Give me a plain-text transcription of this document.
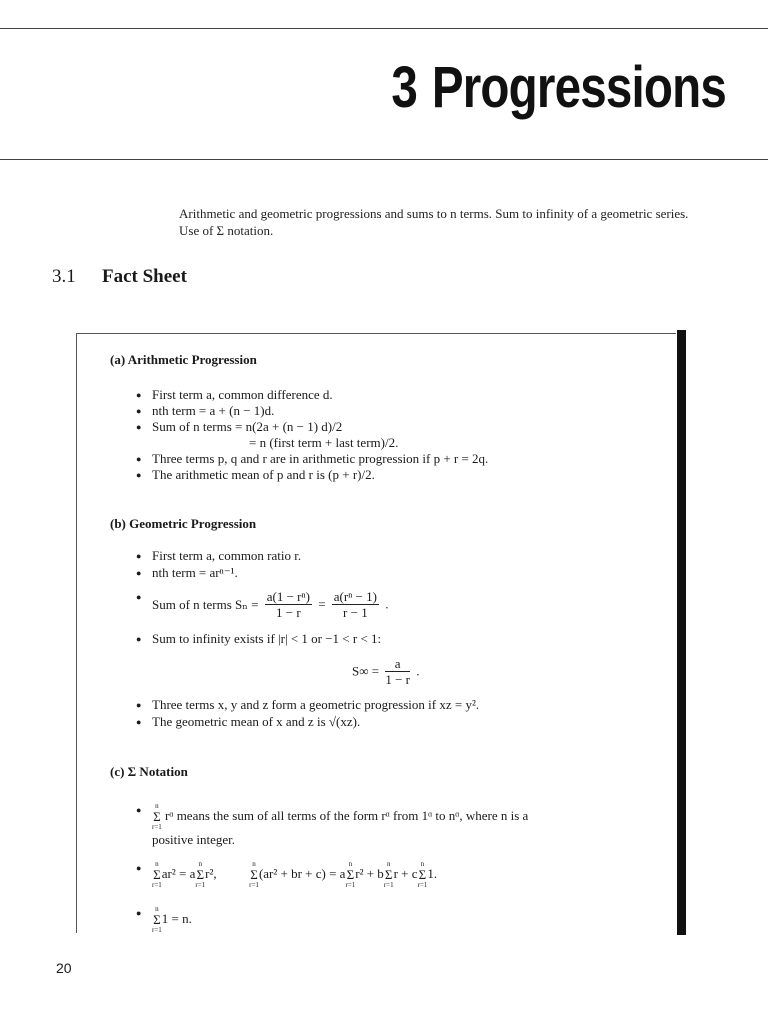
3 Progressions

Arithmetic and geometric progressions and sums to n terms. Sum to infinity of a geometric series. Use of Σ notation.

3.1 Fact Sheet
(a) Arithmetic Progression
● First term a, common difference d.
● nth term = a + (n − 1)d.
● Sum of n terms = n(2a + (n − 1) d)/2
= n (first term + last term)/2.
● Three terms p, q and r are in arithmetic progression if p + r = 2q.
● The arithmetic mean of p and r is (p + r)/2.
(b) Geometric Progression
● First term a, common ratio r.
● nth term = arⁿ⁻¹.
● Sum of n terms $S_n = \frac{\text{a(1 − rⁿ)}}{1 - r} = \frac{\text{a(rⁿ − 1)}}{r - 1}$ .
● Sum to infinity exists if |r| < 1 or −1 < r < 1:
$S\infty = \frac{a}{1 - r}$ .
● Three terms x, y and z form a geometric progression if xz = y².
● The geometric mean of x and z is √(xz).
(c) Σ Notation
● n
Σ
r=1
rᵅ means the sum of all terms of the form rᵅ from 1ᵅ to nᵅ, where n is a
positive integer.
● n
Σ
r=1
ar² = a
n
Σ
r=1
r²,
n
Σ
r=1
(ar² + br + c) = a
n
Σ
r=1
r² + b
n
Σ
r=1
r + c
n
Σ
r=1
1.
● n
Σ
r=1
1 = n.
20
